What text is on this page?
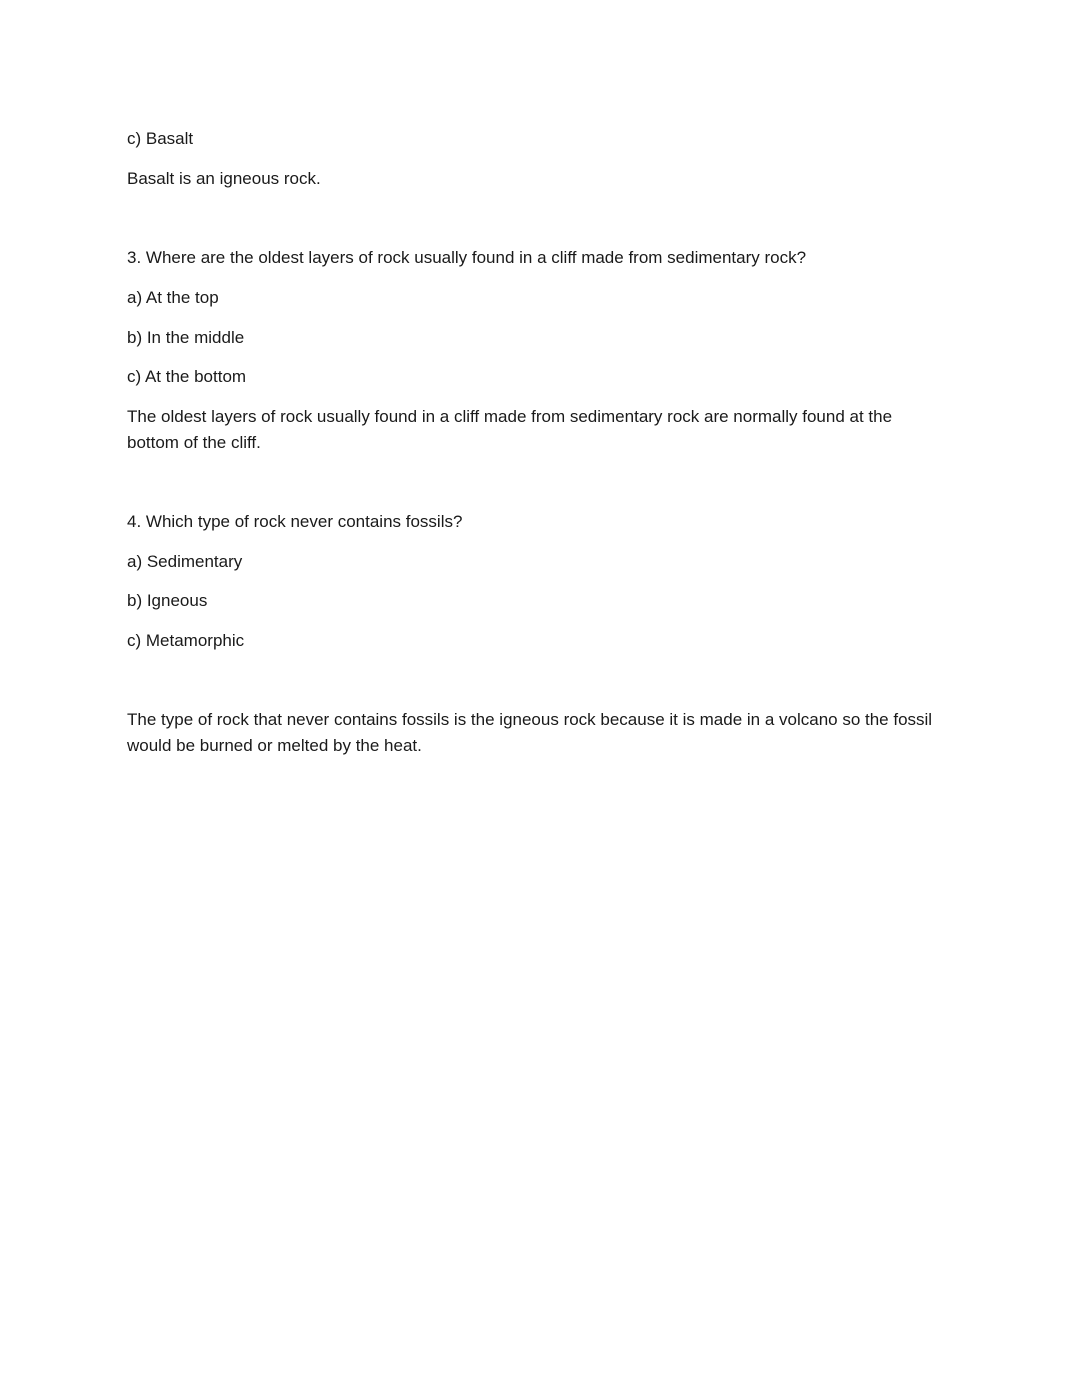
c) Basalt

Basalt is an igneous rock.

3. Where are the oldest layers of rock usually found in a cliff made from sedimentary rock?

a) At the top

b) In the middle

c) At the bottom

The oldest layers of rock usually found in a cliff made from sedimentary rock are normally found at the bottom of the cliff.

4. Which type of rock never contains fossils?

a) Sedimentary

b) Igneous

c) Metamorphic

The type of rock that never contains fossils is the igneous rock because it is made in a volcano so the fossil would be burned or melted by the heat.
